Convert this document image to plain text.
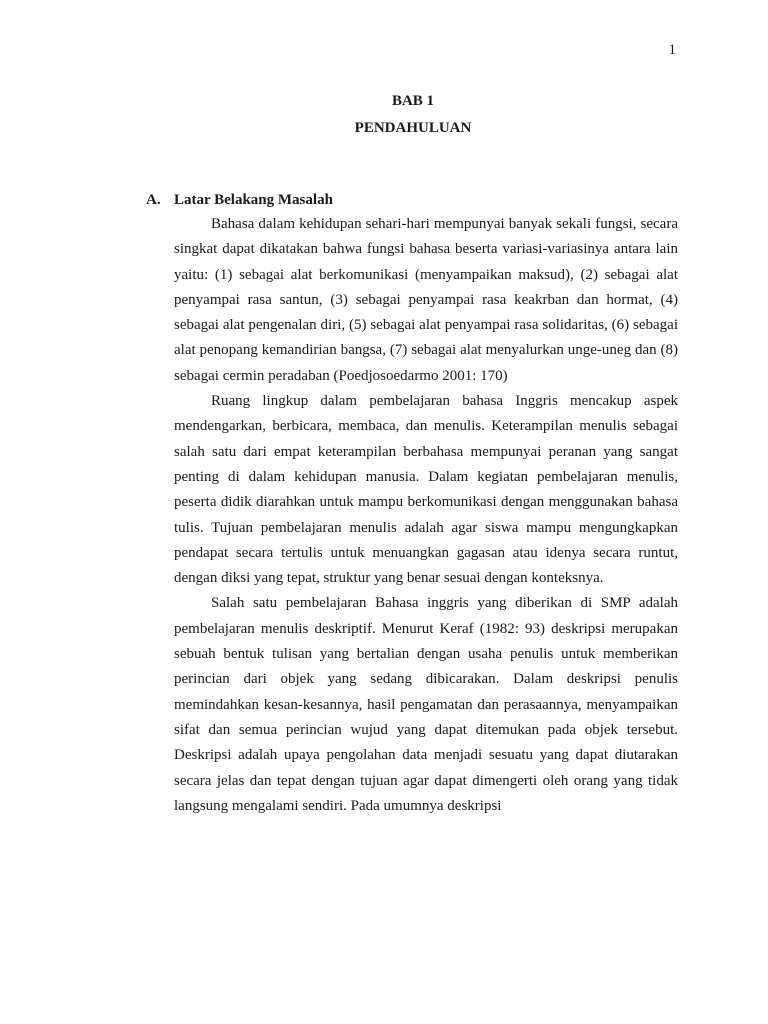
1
BAB 1
PENDAHULUAN
A. Latar Belakang Masalah

Bahasa dalam kehidupan sehari-hari mempunyai banyak sekali fungsi, secara singkat dapat dikatakan bahwa fungsi bahasa beserta variasi-variasinya antara lain yaitu: (1) sebagai alat berkomunikasi (menyampaikan maksud), (2) sebagai alat penyampai rasa santun, (3) sebagai penyampai rasa keakrban dan hormat, (4) sebagai alat pengenalan diri, (5) sebagai alat penyampai rasa solidaritas, (6) sebagai alat penopang kemandirian bangsa, (7) sebagai alat menyalurkan unge-uneg dan (8) sebagai cermin peradaban (Poedjosoedarmo 2001: 170)

Ruang lingkup dalam pembelajaran bahasa Inggris mencakup aspek mendengarkan, berbicara, membaca, dan menulis. Keterampilan menulis sebagai salah satu dari empat keterampilan berbahasa mempunyai peranan yang sangat penting di dalam kehidupan manusia. Dalam kegiatan pembelajaran menulis, peserta didik diarahkan untuk mampu berkomunikasi dengan menggunakan bahasa tulis. Tujuan pembelajaran menulis adalah agar siswa mampu mengungkapkan pendapat secara tertulis untuk menuangkan gagasan atau idenya secara runtut, dengan diksi yang tepat, struktur yang benar sesuai dengan konteksnya.

Salah satu pembelajaran Bahasa inggris yang diberikan di SMP adalah pembelajaran menulis deskriptif. Menurut Keraf (1982: 93) deskripsi merupakan sebuah bentuk tulisan yang bertalian dengan usaha penulis untuk memberikan perincian dari objek yang sedang dibicarakan. Dalam deskripsi penulis memindahkan kesan-kesannya, hasil pengamatan dan perasaannya, menyampaikan sifat dan semua perincian wujud yang dapat ditemukan pada objek tersebut. Deskripsi adalah upaya pengolahan data menjadi sesuatu yang dapat diutarakan secara jelas dan tepat dengan tujuan agar dapat dimengerti oleh orang yang tidak langsung mengalami sendiri. Pada umumnya deskripsi
